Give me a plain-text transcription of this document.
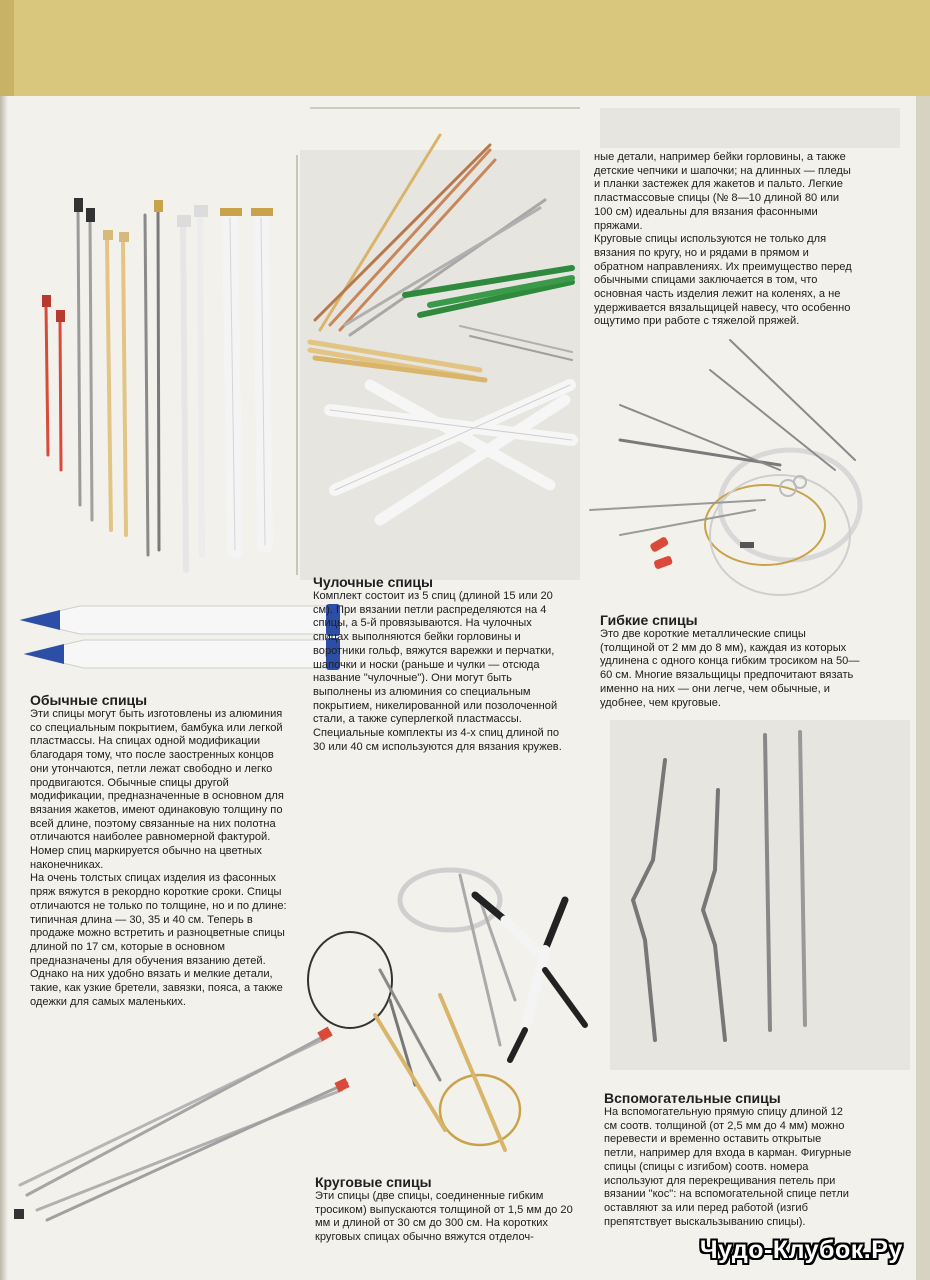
Обычные спицы

Эти спицы могут быть изготовлены из алюминия со специальным покрытием, бамбука или легкой пластмассы. На спицах одной модификации благодаря тому, что после заостренных концов они утончаются, петли лежат свободно и легко продвигаются. Обычные спицы другой модификации, предназначенные в основном для вязания жакетов, имеют одинаковую толщину по всей длине, поэтому связанные на них полотна отличаются наиболее равномерной фактурой. Номер спиц маркируется обычно на цветных наконечниках.

На очень толстых спицах изделия из фасонных пряж вяжутся в рекордно короткие сроки. Спицы отличаются не только по толщине, но и по длине: типичная длина — 30, 35 и 40 см. Теперь в продаже можно встретить и разноцветные спицы длиной по 17 см, которые в основном предназначены для обучения вязанию детей. Однако на них удобно вязать и мелкие детали, такие, как узкие бретели, завязки, пояса, а также одежки для самых маленьких.

Чулочные спицы

Комплект состоит из 5 спиц (длиной 15 или 20 см). При вязании петли распределяются на 4 спицы, а 5-й провязываются. На чулочных спицах выполняются бейки горловины и воротники гольф, вяжутся варежки и перчатки, шапочки и носки (раньше и чулки — отсюда название "чулочные"). Они могут быть выполнены из алюминия со специальным покрытием, никелированной или позолоченной стали, а также суперлегкой пластмассы. Специальные комплекты из 4-х спиц длиной по 30 или 40 см используются для вязания кружев.

ные детали, например бейки горловины, а также детские чепчики и шапочки; на длинных — пледы и планки застежек для жакетов и пальто. Легкие пластмассовые спицы (№ 8—10 длиной 80 или 100 см) идеальны для вязания фасонными пряжами.

Круговые спицы используются не только для вязания по кругу, но и рядами в прямом и обратном направлениях. Их преимущество перед обычными спицами заключается в том, что основная часть изделия лежит на коленях, а не удерживается вязальщицей навесу, что особенно ощутимо при работе с тяжелой пряжей.

Гибкие спицы

Это две короткие металлические спицы (толщиной от 2 мм до 8 мм), каждая из которых удлинена с одного конца гибким тросиком на 50—60 см. Многие вязальщицы предпочитают вязать именно на них — они легче, чем обычные, и удобнее, чем круговые.

Круговые спицы

Эти спицы (две спицы, соединенные гибким тросиком) выпускаются толщиной от 1,5 мм до 20 мм и длиной от 30 см до 300 см. На коротких круговых спицах обычно вяжутся отделоч-

Вспомогательные спицы

На вспомогательную прямую спицу длиной 12 см соотв. толщиной (от 2,5 мм до 4 мм) можно перевести и временно оставить открытые петли, например для входа в карман. Фигурные спицы (спицы с изгибом) соотв. номера используют для перекрещивания петель при вязании "кос": на вспомогательной спице петли оставляют за или перед работой (изгиб препятствует выскальзыванию спицы).

Чудо-Клубок.Ру
